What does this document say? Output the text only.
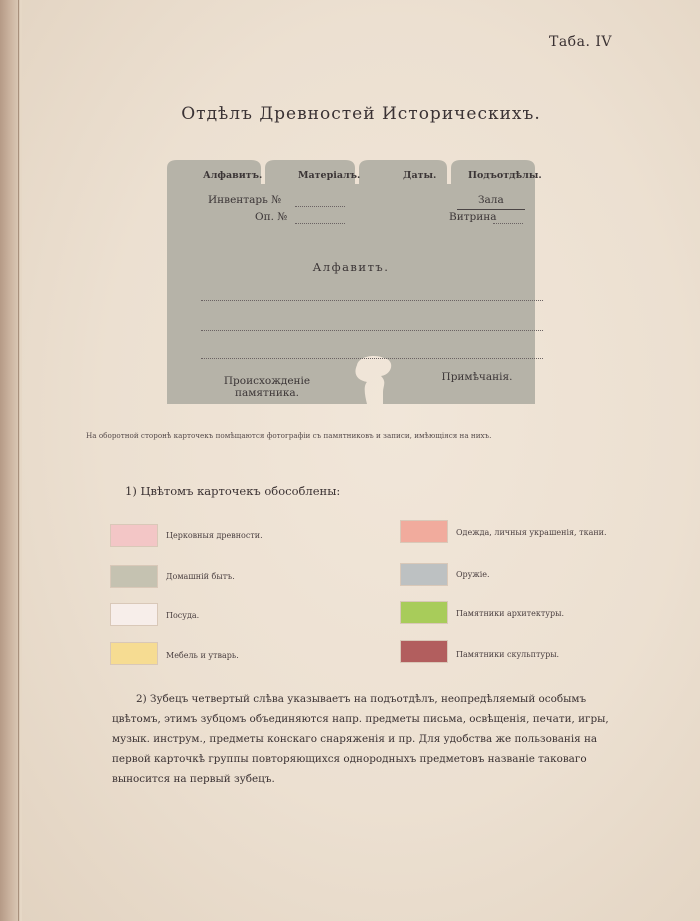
Таба. IV
Отдѣлъ Древностей Историческихъ.
Алфавитъ.	Матеріалъ.	Даты.	Подъотдѣлы.
Инвентарь №
Оп. №
Зала
Витрина
Алфавитъ.
Происхожденіе
памятника.
Примѣчанія.
На оборотной сторонѣ карточекъ помѣщаются фотографіи съ памятниковъ и записи, имѣющіяся на нихъ.
1) Цвѣтомъ карточекъ обособлены:
Церковныя древности.
Домашній бытъ.
Посуда.
Мебель и утварь.
Одежда, личныя украшенія, ткани.
Оружіе.
Памятники архитектуры.
Памятники скульптуры.

2) Зубецъ четвертый слѣва указываетъ на подъотдѣлъ, неопредѣляемый особымъ

цвѣтомъ, этимъ зубцомъ объединяются напр. предметы письма, освѣщенія, печати, игры,

музык. инструм., предметы конскаго снаряженія и пр. Для удобства же пользованія на

первой карточкѣ группы повторяющихся однородныхъ предметовъ названіе таковаго

выносится на первый зубецъ.
